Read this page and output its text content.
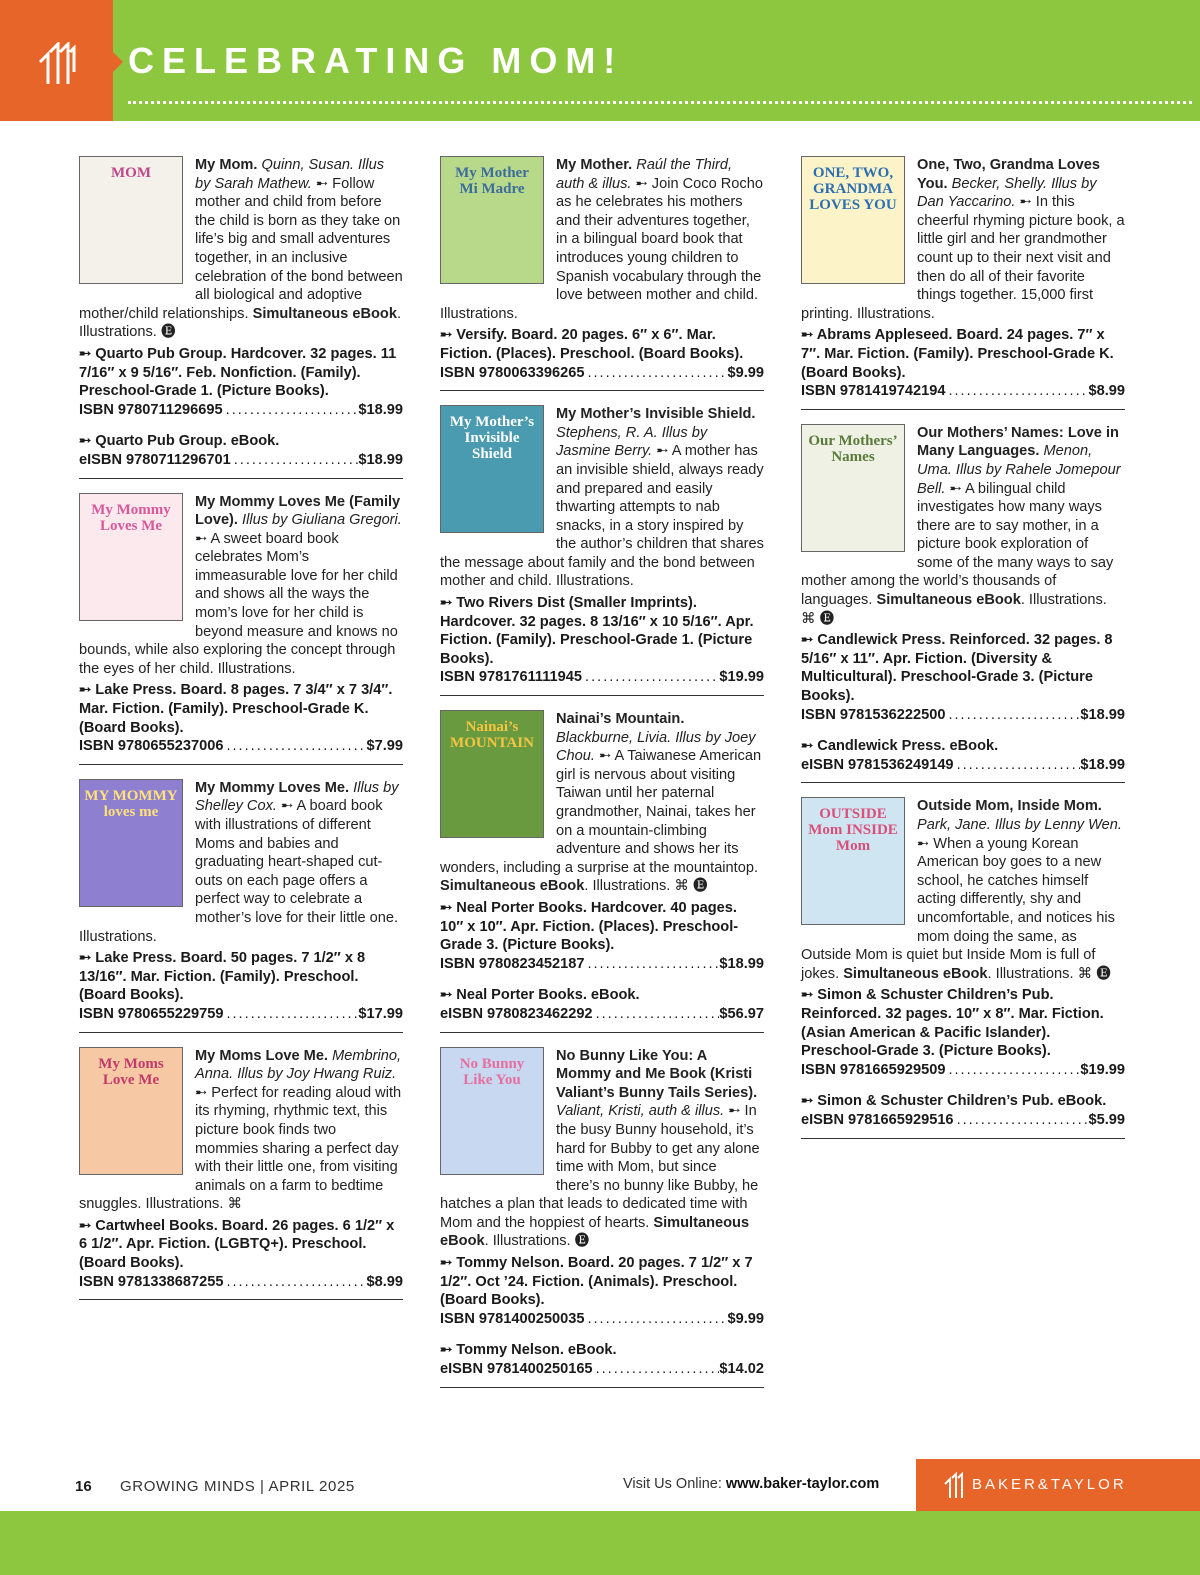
CELEBRATING MOM!
MOM	My Mom. Quinn, Susan. Illus by Sarah Mathew. ➸ Follow mother and child from before the child is born as they take on life’s big and small adventures together, in an inclusive celebration of the bond between all biological and adoptive mother/child relationships. Simultaneous eBook. Illustrations. 🅔
➸ Quarto Pub Group. Hardcover. 32 pages. 11 7/16″ x 9 5/16″. Feb. Nonfiction. (Family). Preschool-Grade 1. (Picture Books).
ISBN 9780711296695 .....	$18.99
➸ Quarto Pub Group. eBook.
eISBN 9780711296701 .....	$18.99
My Mommy Loves Me
My Mommy Loves Me (Family Love). Illus by Giuliana Gregori. ➸ A sweet board book celebrates Mom’s immeasurable love for her child and shows all the ways the mom’s love for her child is beyond measure and knows no bounds, while also exploring the concept through the eyes of her child. Illustrations.
➸ Lake Press. Board. 8 pages. 7 3/4″ x 7 3/4″. Mar. Fiction. (Family). Preschool-Grade K. (Board Books).
ISBN 9780655237006 .....	$7.99
MY MOMMY loves me
My Mommy Loves Me. Illus by Shelley Cox. ➸ A board book with illustrations of different Moms and babies and graduating heart-shaped cut-outs on each page offers a perfect way to celebrate a mother’s love for their little one. Illustrations.
➸ Lake Press. Board. 50 pages. 7 1/2″ x 8 13/16″. Mar. Fiction. (Family). Preschool. (Board Books).
ISBN 9780655229759 .....	$17.99
My Moms Love Me
My Moms Love Me. Membrino, Anna. Illus by Joy Hwang Ruiz. ➸ Perfect for reading aloud with its rhyming, rhythmic text, this picture book finds two mommies sharing a perfect day with their little one, from visiting animals on a farm to bedtime snuggles. Illustrations. ⌘
➸ Cartwheel Books. Board. 26 pages. 6 1/2″ x 6 1/2″. Apr. Fiction. (LGBTQ+). Preschool. (Board Books).
ISBN 9781338687255 .....	$8.99
My Mother Mi Madre
My Mother. Raúl the Third, auth & illus. ➸ Join Coco Rocho as he celebrates his mothers and their adventures together, in a bilingual board book that introduces young children to Spanish vocabulary through the love between mother and child. Illustrations.
➸ Versify. Board. 20 pages. 6″ x 6″. Mar. Fiction. (Places). Preschool. (Board Books).
ISBN 9780063396265 .....	$9.99
My Mother’s Invisible Shield
My Mother’s Invisible Shield. Stephens, R. A. Illus by Jasmine Berry. ➸ A mother has an invisible shield, always ready and prepared and easily thwarting attempts to nab snacks, in a story inspired by the author’s children that shares the message about family and the bond between mother and child. Illustrations.
➸ Two Rivers Dist (Smaller Imprints). Hardcover. 32 pages. 8 13/16″ x 10 5/16″. Apr. Fiction. (Family). Preschool-Grade 1. (Picture Books).
ISBN 9781761111945 .....	$19.99
Nainai’s MOUNTAIN
Nainai’s Mountain. Blackburne, Livia. Illus by Joey Chou. ➸ A Taiwanese American girl is nervous about visiting Taiwan until her paternal grandmother, Nainai, takes her on a mountain-climbing adventure and shows her its wonders, including a surprise at the mountaintop. Simultaneous eBook. Illustrations. ⌘ 🅔
➸ Neal Porter Books. Hardcover. 40 pages. 10″ x 10″. Apr. Fiction. (Places). Preschool-Grade 3. (Picture Books).
ISBN 9780823452187 .....	$18.99
➸ Neal Porter Books. eBook.
eISBN 9780823462292 .....	$56.97
No Bunny Like You
No Bunny Like You: A Mommy and Me Book (Kristi Valiant’s Bunny Tails Series). Valiant, Kristi, auth & illus. ➸ In the busy Bunny household, it’s hard for Bubby to get any alone time with Mom, but since there’s no bunny like Bubby, he hatches a plan that leads to dedicated time with Mom and the hoppiest of hearts. Simultaneous eBook. Illustrations. 🅔
➸ Tommy Nelson. Board. 20 pages. 7 1/2″ x 7 1/2″. Oct ’24. Fiction. (Animals). Preschool. (Board Books).
ISBN 9781400250035 .....	$9.99
➸ Tommy Nelson. eBook.
eISBN 9781400250165 .....	$14.02
ONE, TWO, GRANDMA LOVES YOU
One, Two, Grandma Loves You. Becker, Shelly. Illus by Dan Yaccarino. ➸ In this cheerful rhyming picture book, a little girl and her grandmother count up to their next visit and then do all of their favorite things together. 15,000 first printing. Illustrations.
➸ Abrams Appleseed. Board. 24 pages. 7″ x 7″. Mar. Fiction. (Family). Preschool-Grade K. (Board Books).
ISBN 9781419742194 .....	$8.99
Our Mothers’ Names
Our Mothers’ Names: Love in Many Languages. Menon, Uma. Illus by Rahele Jomepour Bell. ➸ A bilingual child investigates how many ways there are to say mother, in a picture book exploration of some of the many ways to say mother among the world’s thousands of languages. Simultaneous eBook. Illustrations. ⌘ 🅔
➸ Candlewick Press. Reinforced. 32 pages. 8 5/16″ x 11″. Apr. Fiction. (Diversity & Multicultural). Preschool-Grade 3. (Picture Books).
ISBN 9781536222500 .....	$18.99
➸ Candlewick Press. eBook.
eISBN 9781536249149 .....	$18.99
OUTSIDE Mom INSIDE Mom
Outside Mom, Inside Mom. Park, Jane. Illus by Lenny Wen. ➸ When a young Korean American boy goes to a new school, he catches himself acting differently, shy and uncomfortable, and notices his mom doing the same, as Outside Mom is quiet but Inside Mom is full of jokes. Simultaneous eBook. Illustrations. ⌘ 🅔
➸ Simon & Schuster Children’s Pub. Reinforced. 32 pages. 10″ x 8″. Mar. Fiction. (Asian American & Pacific Islander). Preschool-Grade 3. (Picture Books).
ISBN 9781665929509 .....	$19.99
➸ Simon & Schuster Children’s Pub. eBook.
eISBN 9781665929516 .....	$5.99
16 GROWING MINDS | APRIL 2025	Visit Us Online: www.baker-taylor.com	BAKER&TAYLOR
